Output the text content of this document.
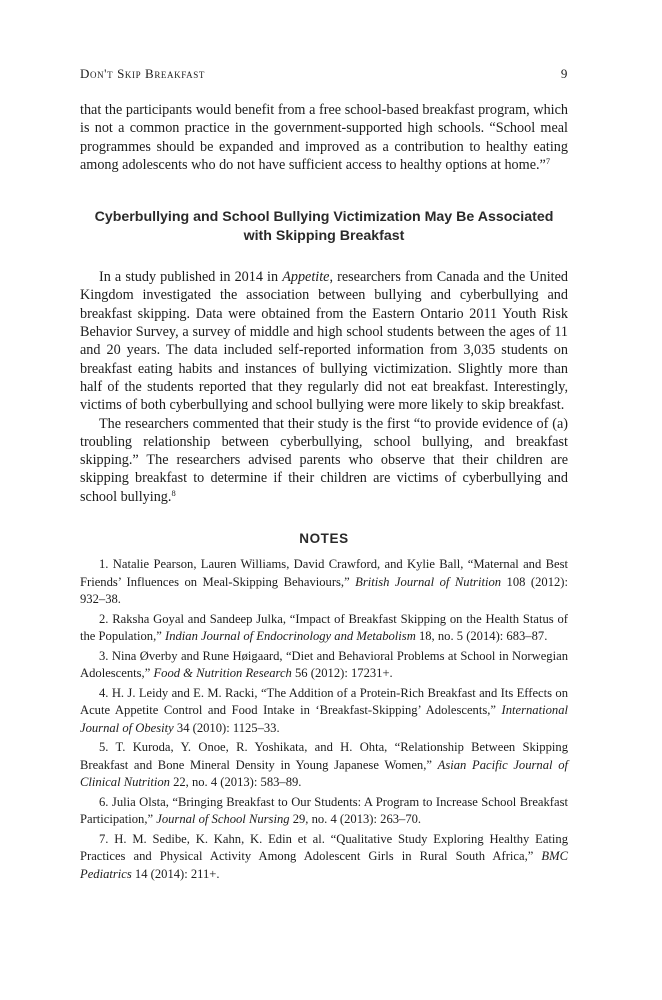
Don't Skip Breakfast	9

that the participants would benefit from a free school-based breakfast program, which is not a common practice in the government-supported high schools. “School meal programmes should be expanded and improved as a contribution to healthy eating among adolescents who do not have sufficient access to healthy options at home.”$^7$

Cyberbullying and School Bullying Victimization May Be Associated with Skipping Breakfast

In a study published in 2014 in Appetite, researchers from Canada and the United Kingdom investigated the association between bullying and cyberbullying and breakfast skipping. Data were obtained from the Eastern Ontario 2011 Youth Risk Behavior Survey, a survey of middle and high school students between the ages of 11 and 20 years. The data included self-reported information from 3,035 students on breakfast eating habits and instances of bullying victimization. Slightly more than half of the students reported that they regularly did not eat breakfast. Interestingly, victims of both cyberbullying and school bullying were more likely to skip breakfast.

The researchers commented that their study is the first “to provide evidence of (a) troubling relationship between cyberbullying, school bullying, and breakfast skipping.” The researchers advised parents who observe that their children are skipping breakfast to determine if their children are victims of cyberbullying and school bullying.$^8$

NOTES

1. Natalie Pearson, Lauren Williams, David Crawford, and Kylie Ball, “Maternal and Best Friends’ Influences on Meal-Skipping Behaviours,” British Journal of Nutrition 108 (2012): 932–38.

2. Raksha Goyal and Sandeep Julka, “Impact of Breakfast Skipping on the Health Status of the Population,” Indian Journal of Endocrinology and Metabolism 18, no. 5 (2014): 683–87.

3. Nina Øverby and Rune Høigaard, “Diet and Behavioral Problems at School in Norwegian Adolescents,” Food & Nutrition Research 56 (2012): 17231+.

4. H. J. Leidy and E. M. Racki, “The Addition of a Protein-Rich Breakfast and Its Effects on Acute Appetite Control and Food Intake in ‘Breakfast-Skipping’ Adolescents,” International Journal of Obesity 34 (2010): 1125–33.

5. T. Kuroda, Y. Onoe, R. Yoshikata, and H. Ohta, “Relationship Between Skipping Breakfast and Bone Mineral Density in Young Japanese Women,” Asian Pacific Journal of Clinical Nutrition 22, no. 4 (2013): 583–89.

6. Julia Olsta, “Bringing Breakfast to Our Students: A Program to Increase School Breakfast Participation,” Journal of School Nursing 29, no. 4 (2013): 263–70.

7. H. M. Sedibe, K. Kahn, K. Edin et al. “Qualitative Study Exploring Healthy Eating Practices and Physical Activity Among Adolescent Girls in Rural South Africa,” BMC Pediatrics 14 (2014): 211+.
